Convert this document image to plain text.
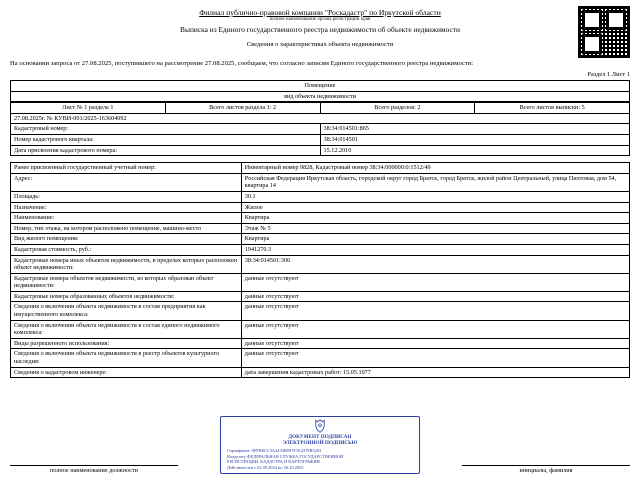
Филиал публично-правовой компании "Роскадастр" по Иркутской области
полное наименование органа регистрации прав
Выписка из Единого государственного реестра недвижимости об объекте недвижимости
Сведения о характеристиках объекта недвижимости
На основании запроса от 27.08.2025, поступившего на рассмотрение 27.08.2025, сообщаем, что согласно записям Единого государственного реестра недвижимости:
Раздел 1 Лист 1
Помещение
вид объекта недвижимости
Лист № 1 раздела 1	Всего листов раздела 1: 2	Всего разделов: 2	Всего листов выписки: 5
27.08.2025г. № КУВИ-001/2025-163604092			
Кадастровый номер:		38:34:014501:865	
Номер кадастрового квартала:		38:34:014501	
Дата присвоения кадастрового номера:		15.12.2010	
Ранее присвоенный государственный учетный номер:	Инвентарный номер 9828, Кадастровый номер 38:34:000000:0:1512/49
Адрес:	Российская Федерация Иркутская область, городской округ город Братск, город Братск, жилой район Центральный, улица Пихтовая, дом 54, квартира 14
Площадь:	30.1
Назначение:	Жилое
Наименование:	Квартира
Номер, тип этажа, на котором расположено помещение, машино-место	Этаж № 5
Вид жилого помещения:	Квартира
Кадастровая стоимость, руб.:	1941270.3
Кадастровые номера иных объектов недвижимости, в пределах которых расположен объект недвижимости:	38:34:014501:306
Кадастровые номера объектов недвижимости, из которых образован объект недвижимости:	данные отсутствуют
Кадастровые номера образованных объектов недвижимости:	данные отсутствуют
Сведения о включении объекта недвижимости в состав предприятия как имущественного комплекса:	данные отсутствуют
Сведения о включении объекта недвижимости в состав единого недвижимого комплекса:	данные отсутствуют
Виды разрешенного использования:	данные отсутствуют
Сведения о включении объекта недвижимости в реестр объектов культурного наследия:	данные отсутствуют
Сведения о кадастровом инженере:	дата завершения кадастровых работ: 15.05.1977
полное наименование должности
ДОКУМЕНТ ПОДПИСАН
ЭЛЕКТРОННОЙ ПОДПИСЬЮ
Сертификат: 0FFB8CC3A4233B097F1E2378B3203
Владелец: ФЕДЕРАЛЬНАЯ СЛУЖБА ГОСУДАРСТВЕННОЙ
РЕГИСТРАЦИИ, КАДАСТРА И КАРТОГРАФИИ
Действителен с 02.09.2024 по 26.10.2025	инициалы, фамилия
